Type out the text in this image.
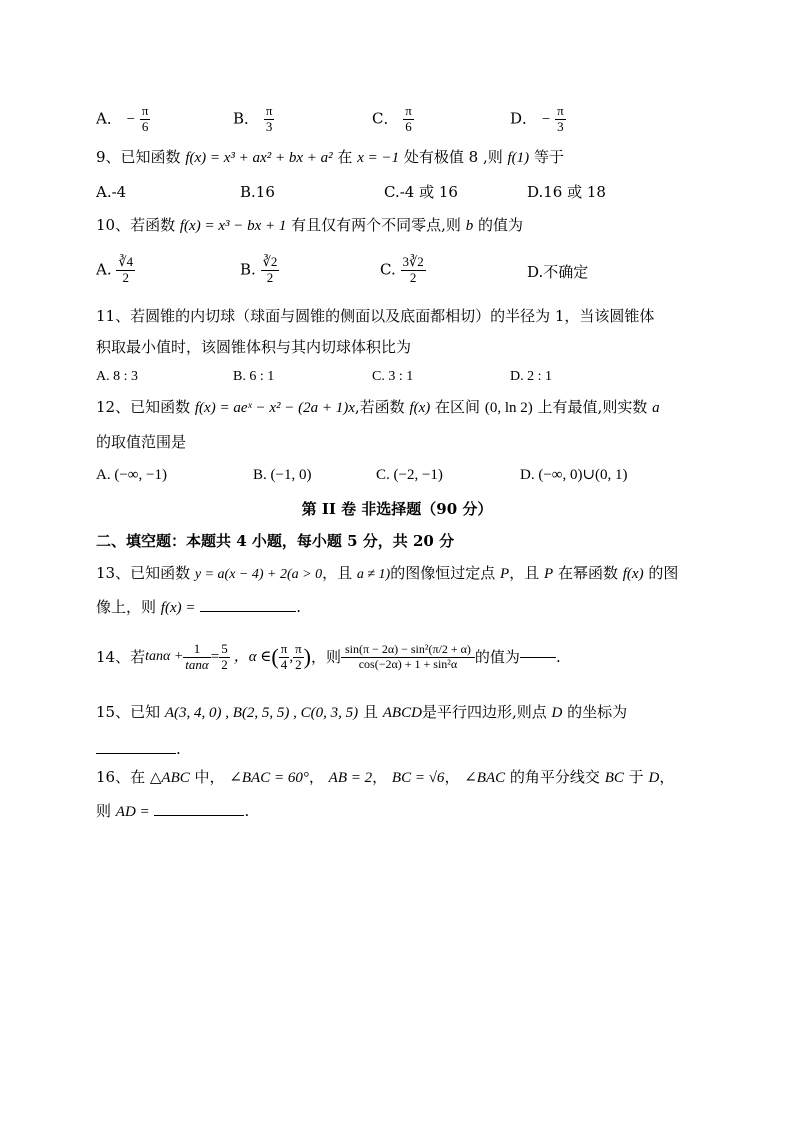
A． − $\frac{\pi}{6}$	B． $\frac{\pi}{3}$	C． $\frac{\pi}{6}$	D． − $\frac{\pi}{3}$
9、已知函数 f(x) = x³ + ax² + bx + a² 在 x = −1 处有极值 8 ,则 f(1) 等于
A.-4	B.16	C.-4 或 16	D.16 或 18
10、若函数 f(x) = x³ − bx + 1 有且仅有两个不同零点,则 b 的值为
A. $\frac{∛4}{2}$	B. $\frac{∛2}{2}$	C. $\frac{3∛2}{2}$	D.不确定
11、若圆锥的内切球（球面与圆锥的侧面以及底面都相切）的半径为 1，当该圆锥体
积取最小值时，该圆锥体积与其内切球体积比为
A. 8 : 3	B. 6 : 1	C. 3 : 1	D. 2 : 1
12、已知函数 f(x) = aeˣ − x² − (2a + 1)x,若函数 f(x) 在区间 (0, ln 2) 上有最值,则实数 a
的取值范围是
A. (−∞, −1)	B. (−1, 0)	C. (−2, −1)	D. (−∞, 0)∪(0, 1)
第 II 卷 非选择题（90 分）
二、填空题：本题共 4 小题，每小题 5 分，共 20 分
13、已知函数 y = a(x − 4) + 2(a > 0，且 a ≠ 1)的图像恒过定点 P，且 P 在幂函数 f(x) 的图
像上，则 f(x) =	.
14、若 $\tan\alpha + \frac{1}{\tan\alpha} = \frac{5}{2}$ ，α ∈ ( $\frac{\pi}{4}$ , $\frac{\pi}{2}$ ) ，则 $\frac{\text{sin(π − 2α) − sin²(π/2 + α)}}{\text{cos(−2α) + 1 + sin²α}}$ 的值为 .
15、已知 A(3, 4, 0) , B(2, 5, 5) , C(0, 3, 5) 且 ABCD是平行四边形,则点 D 的坐标为
.
16、在 △ABC 中， ∠BAC = 60°， AB = 2， BC = √6， ∠BAC 的角平分线交 BC 于 D，
则 AD =	.
